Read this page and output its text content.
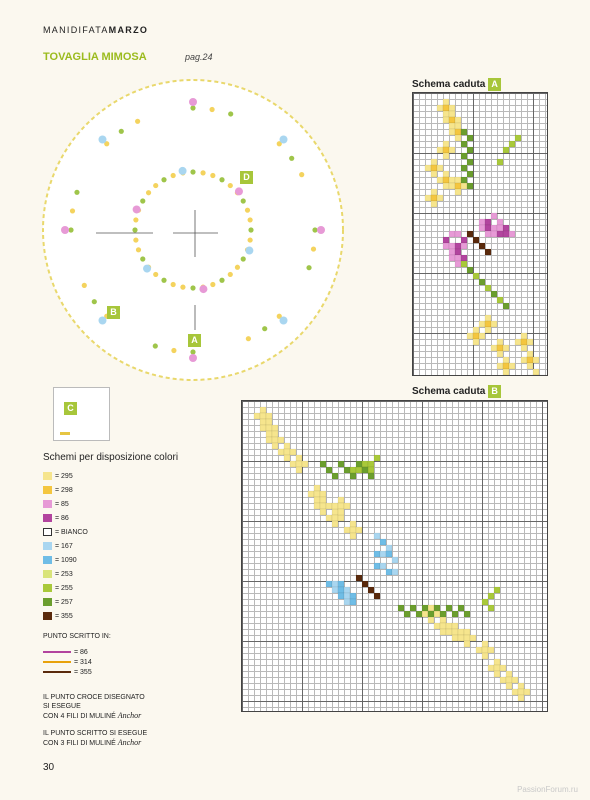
MANIDIFATAMARZO
TOVAGLIA MIMOSA	pag.24
D
B
A
C
Schema caduta A
Schema caduta B
Schemi per disposizione colori
= 295
= 298
= 85
= 86
= BIANCO
= 167
= 1090
= 253
= 255
= 257
= 355
PUNTO SCRITTO IN:
= 86
= 314
= 355
IL PUNTO CROCE DISEGNATO
SI ESEGUE
CON 4 FILI DI MULINÉ Anchor
IL PUNTO SCRITTO SI ESEGUE
CON 3 FILI DI MULINÉ Anchor
30
PassionForum.ru
